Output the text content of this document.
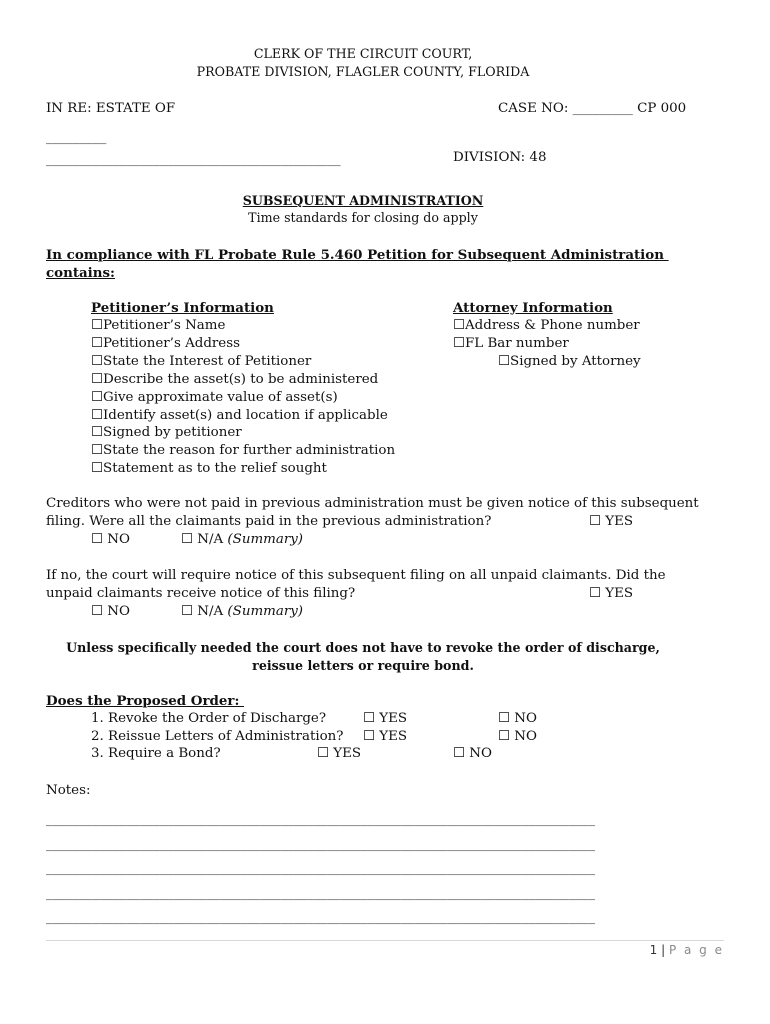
CLERK OF THE CIRCUIT COURT,
PROBATE DIVISION, FLAGLER COUNTY, FLORIDA
IN RE: ESTATE OF	CASE NO: _________ CP 000
_________
____________________________________________	DIVISION: 48
SUBSEQUENT ADMINISTRATION
Time standards for closing do apply
In compliance with FL Probate Rule 5.460 Petition for Subsequent Administration
contains:
Petitioner’s Information
☐Petitioner’s Name
☐Petitioner’s Address
☐State the Interest of Petitioner
☐Describe the asset(s) to be administered
☐Give approximate value of asset(s)
☐Identify asset(s) and location if applicable
☐Signed by petitioner
☐State the reason for further administration
☐Statement as to the relief sought
Attorney Information
☐Address & Phone number
☐FL Bar number
☐Signed by Attorney
Creditors who were not paid in previous administration must be given notice of this subsequent
filing. Were all the claimants paid in the previous administration?	☐ YES
☐ NO	☐ N/A (Summary)
If no, the court will require notice of this subsequent filing on all unpaid claimants. Did the
unpaid claimants receive notice of this filing?	☐ YES
☐ NO	☐ N/A (Summary)
Unless specifically needed the court does not have to revoke the order of discharge,
reissue letters or require bond.
Does the Proposed Order:
1. Revoke the Order of Discharge?	☐ YES	☐ NO
2. Reissue Letters of Administration? ☐ YES	☐ NO
3. Require a Bond?	☐ YES	☐ NO
Notes:
__________________________________________________________________________________
__________________________________________________________________________________
__________________________________________________________________________________
__________________________________________________________________________________
__________________________________________________________________________________
1 | P a g e
